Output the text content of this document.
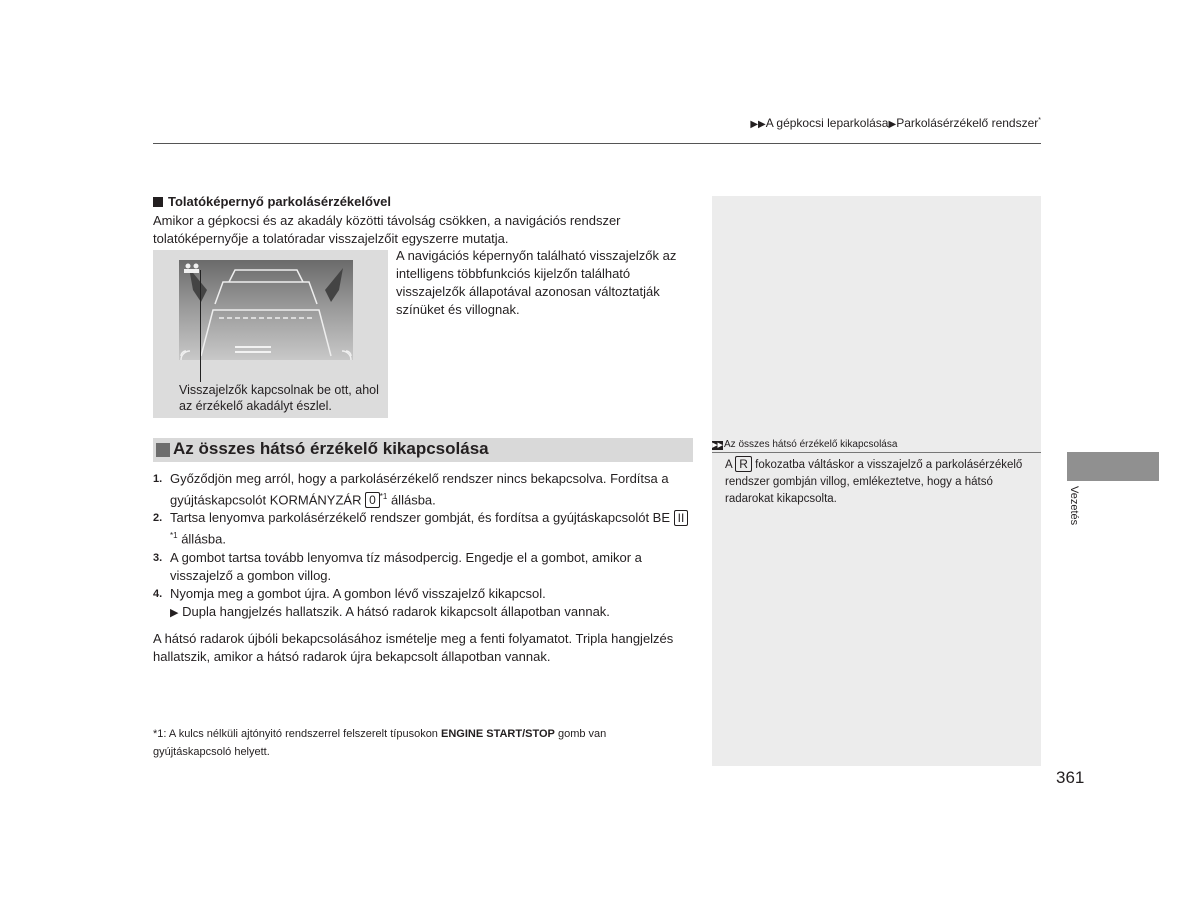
▶▶A gépkocsi leparkolása▶Parkolásérzékelő rendszer*
Tolatóképernyő parkolásérzékelővel
Amikor a gépkocsi és az akadály közötti távolság csökken, a navigációs rendszer tolatóképernyője a tolatóradar visszajelzőit egyszerre mutatja.
Visszajelzők kapcsolnak be ott, ahol az érzékelő akadályt észlel.
A navigációs képernyőn található visszajelzők az intelligens többfunkciós kijelzőn található visszajelzők állapotával azonosan változtatják színüket és villognak.
Az összes hátsó érzékelő kikapcsolása
1. Győződjön meg arról, hogy a parkolásérzékelő rendszer nincs bekapcsolva. Fordítsa a gyújtáskapcsolót KORMÁNYZÁR 0 $^{*1}$ állásba.
2. Tartsa lenyomva parkolásérzékelő rendszer gombját, és fordítsa a gyújtáskapcsolót BE II$^{*1}$ állásba.
3. A gombot tartsa tovább lenyomva tíz másodpercig. Engedje el a gombot, amikor a visszajelző a gombon villog.
4. Nyomja meg a gombot újra. A gombon lévő visszajelző kikapcsol.
▶ Dupla hangjelzés hallatszik. A hátsó radarok kikapcsolt állapotban vannak.
A hátsó radarok újbóli bekapcsolásához ismételje meg a fenti folyamatot. Tripla hangjelzés hallatszik, amikor a hátsó radarok újra bekapcsolt állapotban vannak.
*1: A kulcs nélküli ajtónyitó rendszerrel felszerelt típusokon ENGINE START/STOP gomb van gyújtáskapcsoló helyett.
▶▶Az összes hátsó érzékelő kikapcsolása
A R fokozatba váltáskor a visszajelző a parkolásérzékelő rendszer gombján villog, emlékeztetve, hogy a hátsó radarokat kikapcsolta.	Vezetés
361
